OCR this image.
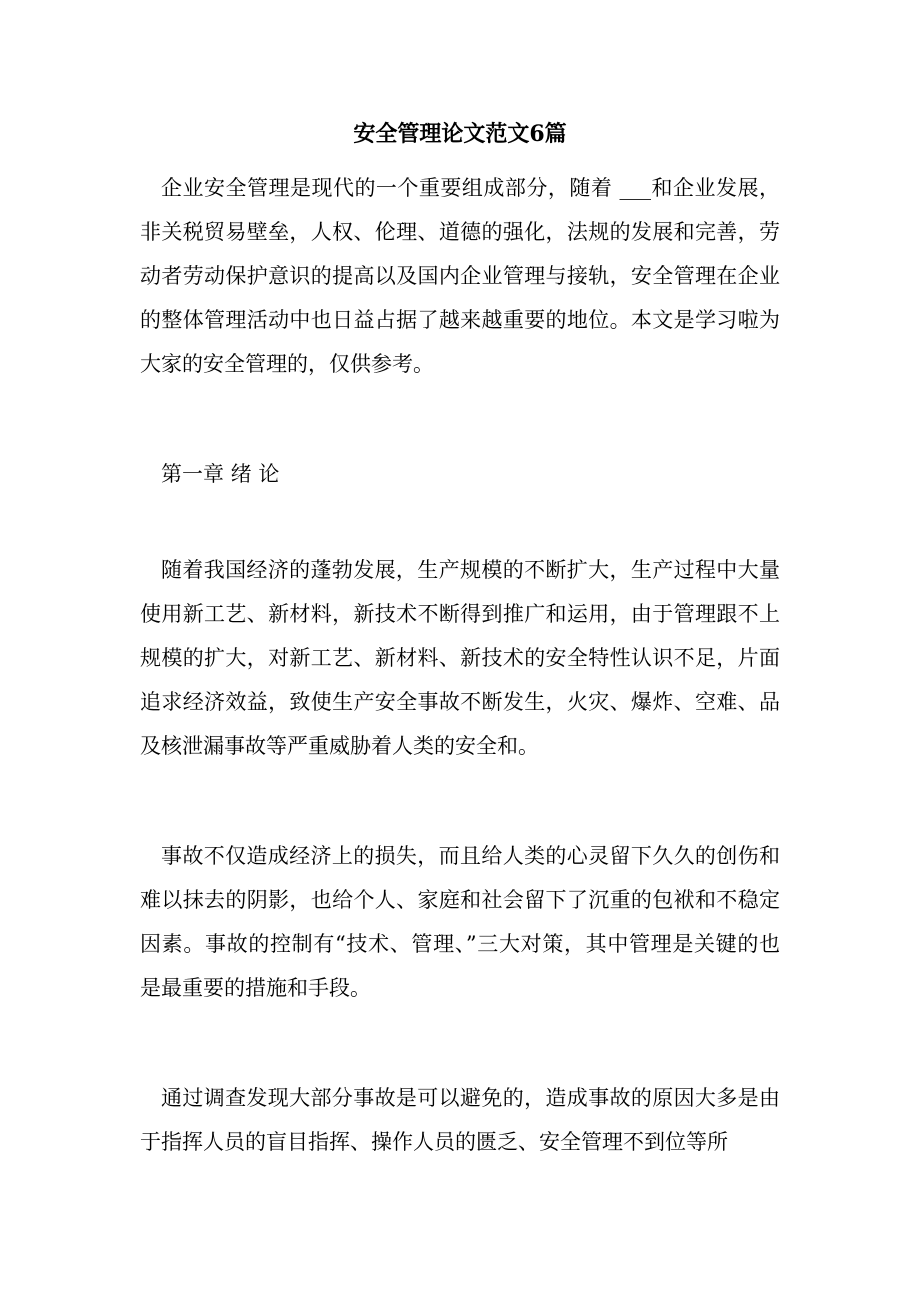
安全管理论文范文6篇

企业安全管理是现代的一个重要组成部分，随着 ___和企业发展，非关税贸易壁垒，人权、伦理、道德的强化，法规的发展和完善，劳动者劳动保护意识的提高以及国内企业管理与接轨，安全管理在企业的整体管理活动中也日益占据了越来越重要的地位。本文是学习啦为大家的安全管理的，仅供参考。

第一章 绪 论

随着我国经济的蓬勃发展，生产规模的不断扩大，生产过程中大量使用新工艺、新材料，新技术不断得到推广和运用，由于管理跟不上规模的扩大，对新工艺、新材料、新技术的安全特性认识不足，片面追求经济效益，致使生产安全事故不断发生，火灾、爆炸、空难、品及核泄漏事故等严重威胁着人类的安全和。

事故不仅造成经济上的损失，而且给人类的心灵留下久久的创伤和难以抹去的阴影，也给个人、家庭和社会留下了沉重的包袱和不稳定因素。事故的控制有“技术、管理、”三大对策，其中管理是关键的也是最重要的措施和手段。

通过调查发现大部分事故是可以避免的，造成事故的原因大多是由于指挥人员的盲目指挥、操作人员的匮乏、安全管理不到位等所
